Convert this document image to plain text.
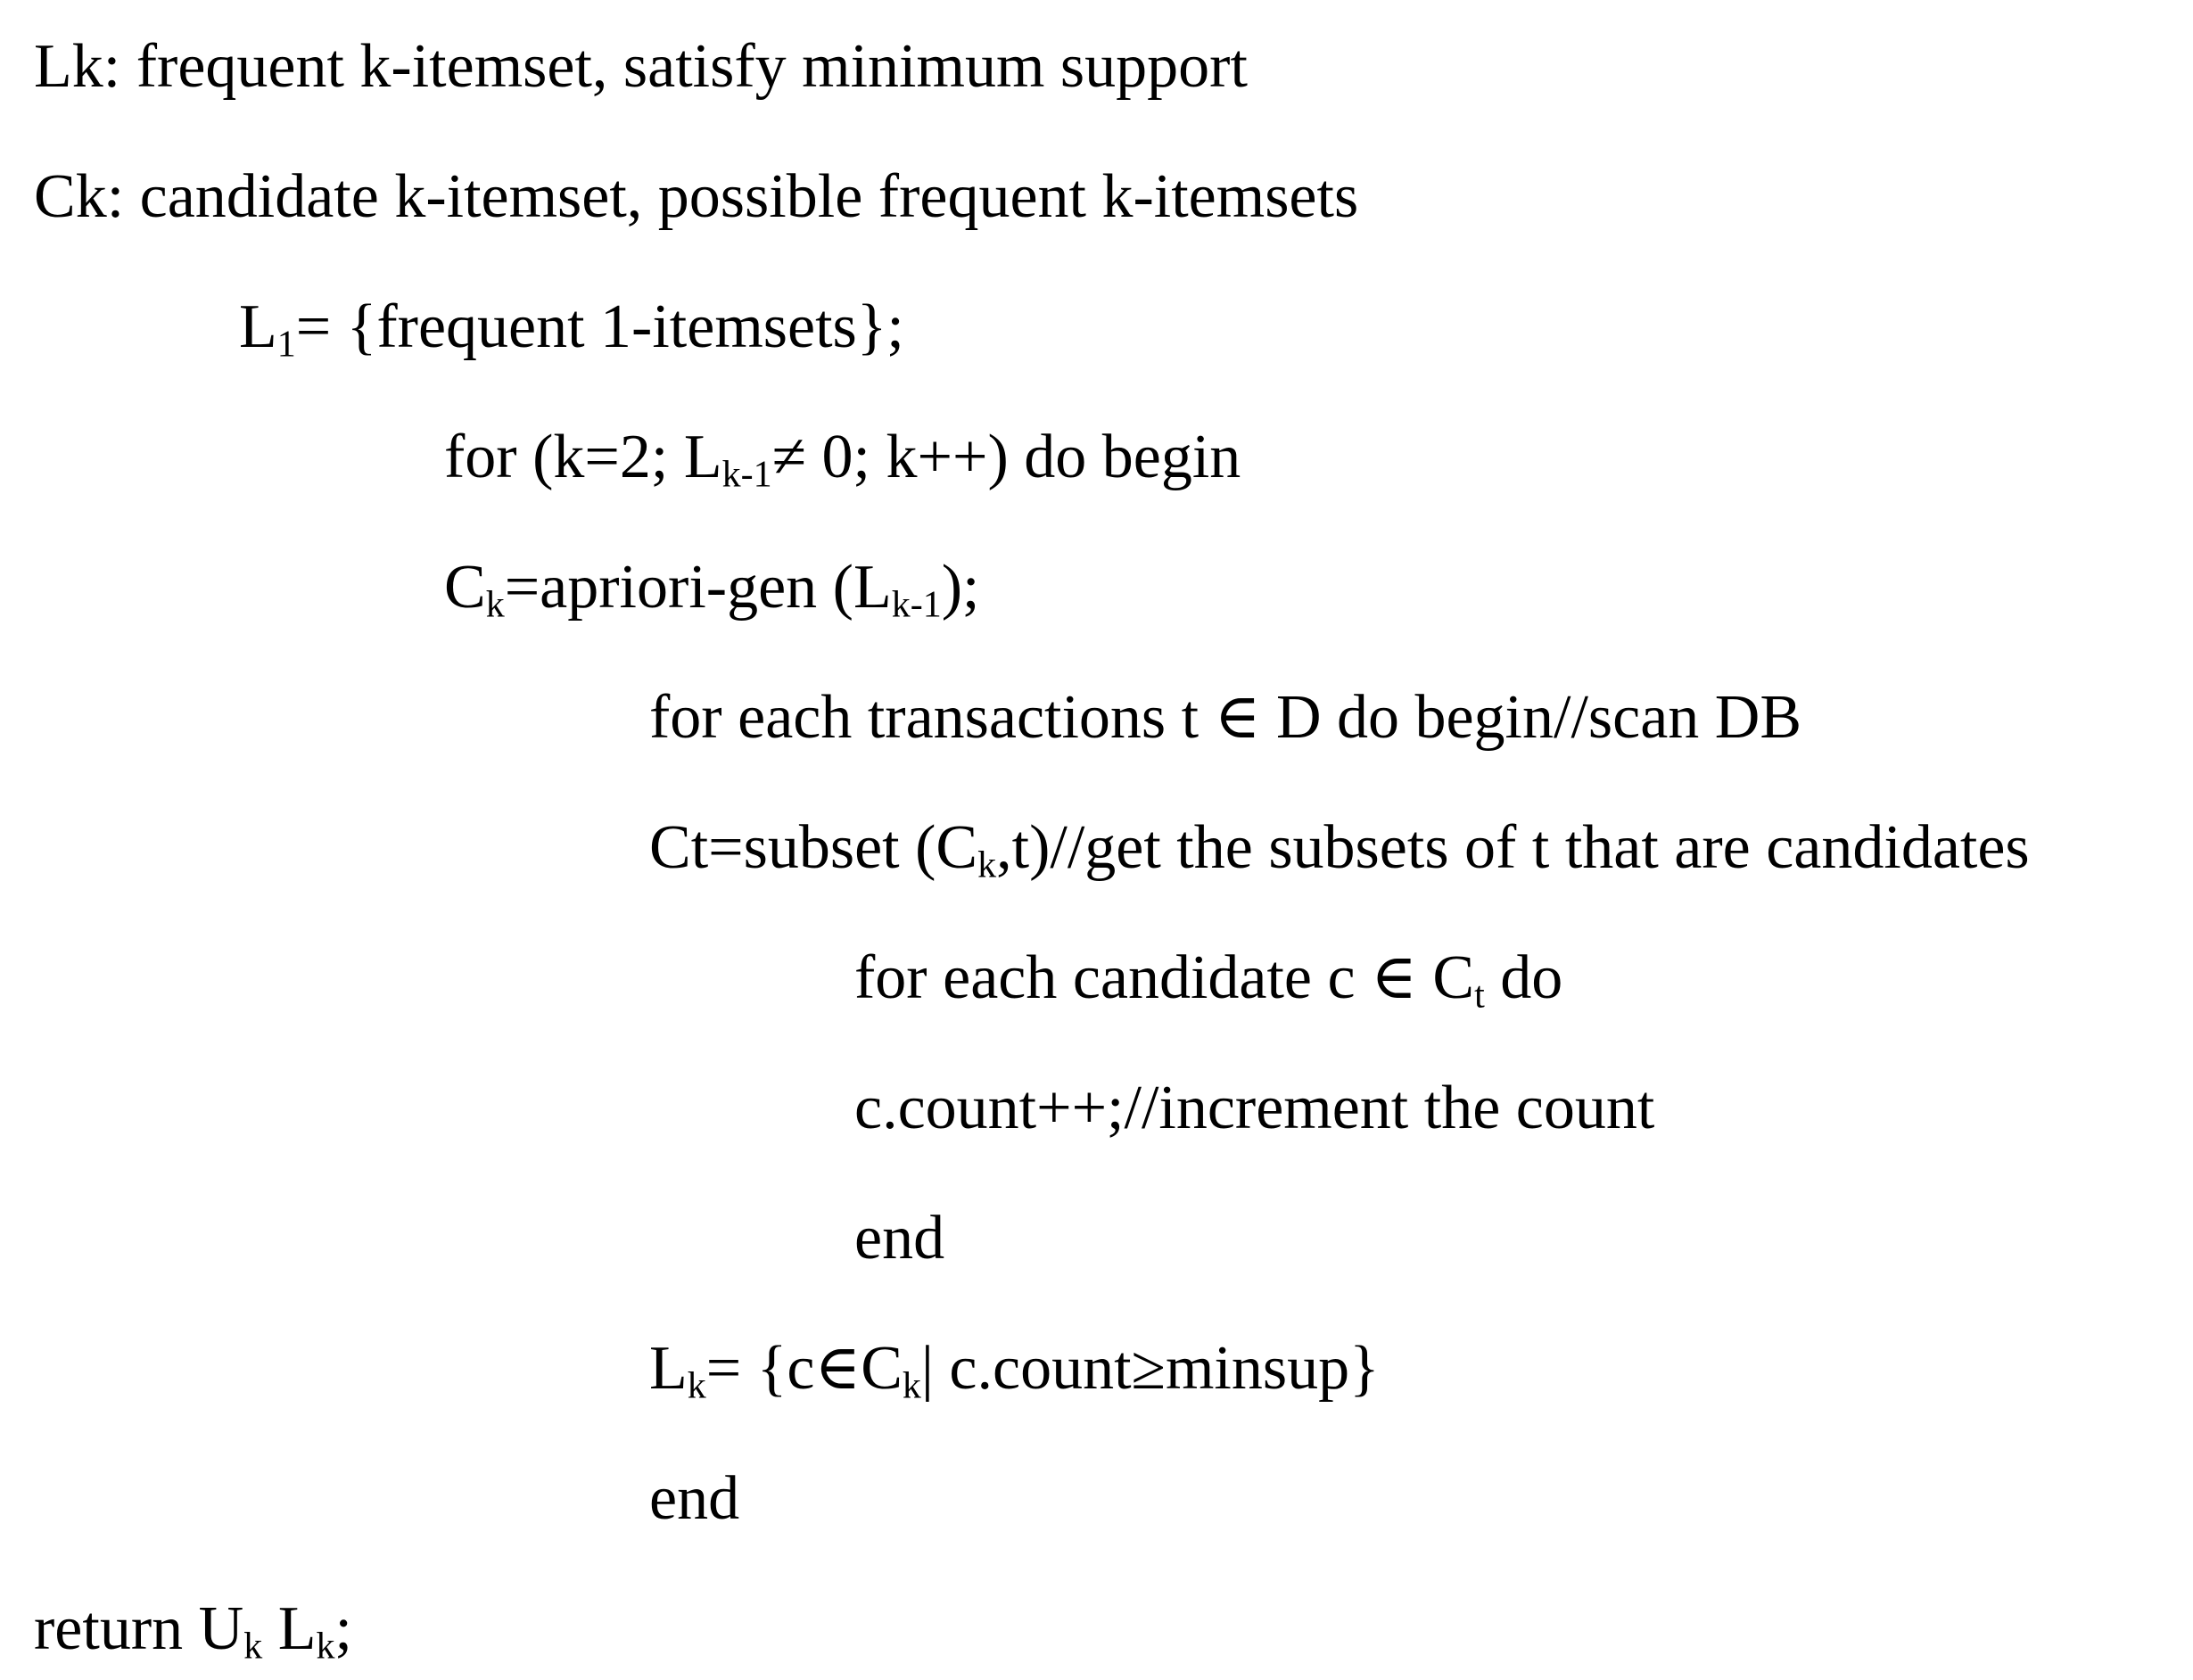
Lk: frequent k-itemset, satisfy minimum support
Ck: candidate k-itemset, possible frequent k-itemsets
$L_1=$ {frequent 1-itemsets};
for (k=2; $L_{k-1}\ne 0$; k++) do begin
$C_k=apriori$-gen $(L_{k-1})$;
for each transactions t ∈ D do begin//scan DB
Ct=subset $(C_k,t)/$/get the subsets of t that are candidates
for each candidate c ∈ $C_t$ do
c.count++;//increment the count
end
$L_k=$ {$c\in C_k|$ c.count≥minsup}
end
return $U_k$ $L_k$;
